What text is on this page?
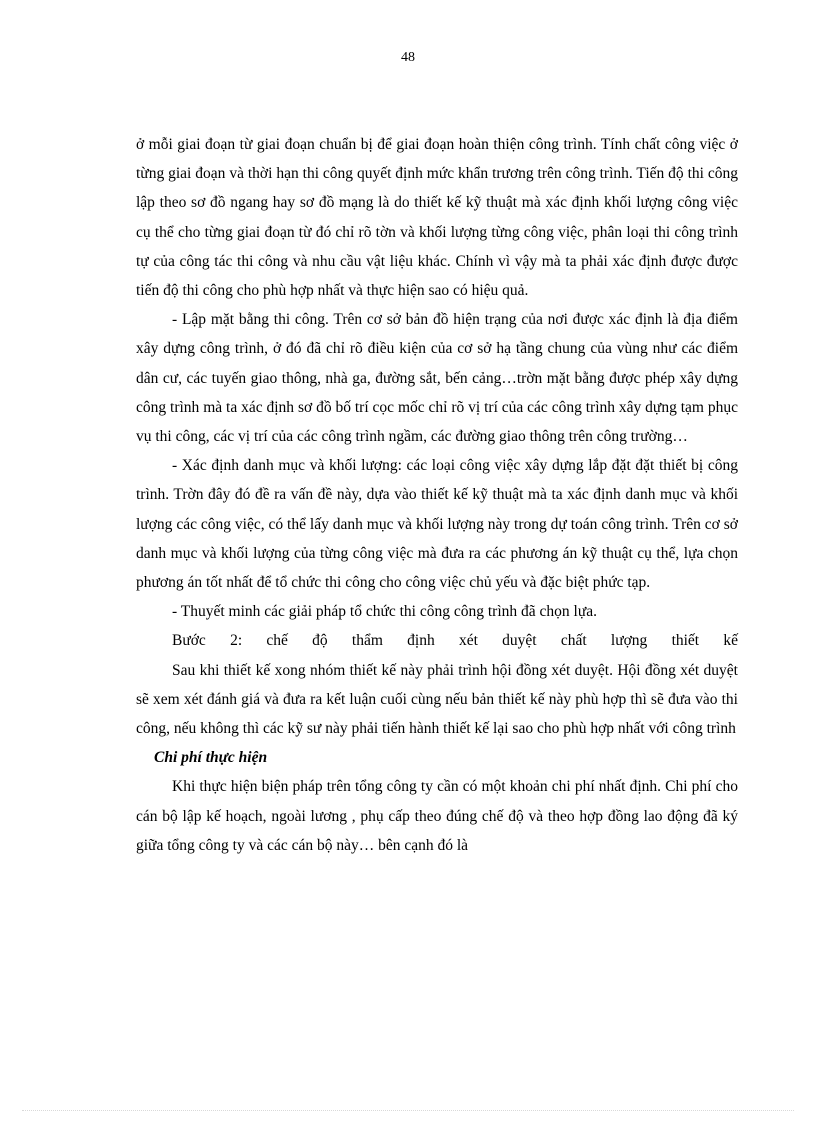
48

ở mỗi giai đoạn từ giai đoạn chuẩn bị để giai đoạn hoàn thiện công trình. Tính chất công việc ở từng giai đoạn và thời hạn thi công quyết định mức khẩn trương trên công trình. Tiến độ thi công lập theo sơ đồ ngang hay sơ đồ mạng là do thiết kế kỹ thuật mà xác định khối lượng công việc cụ thể cho từng giai đoạn từ đó chỉ rõ tờn và khối lượng từng công việc, phân loại thi công trình tự của công tác thi công và nhu cầu vật liệu khác. Chính vì vậy mà ta phải xác định được được tiến độ thi công cho phù hợp nhất và thực hiện sao có hiệu quả.

- Lập mặt bằng thi công. Trên cơ sở bản đồ hiện trạng của nơi được xác định là địa điểm xây dựng công trình, ở đó đã chỉ rõ điều kiện của cơ sở hạ tầng chung của vùng như các điểm dân cư, các tuyến giao thông, nhà ga, đường sắt, bến cảng…trờn mặt bằng được phép xây dựng công trình mà ta xác định sơ đồ bố trí cọc mốc chỉ rõ vị trí của các công trình xây dựng tạm phục vụ thi công, các vị trí của các công trình ngầm, các đường giao thông trên công trường…

- Xác định danh mục và khối lượng: các loại công việc xây dựng lắp đặt đặt thiết bị công trình. Trờn đây đó đề ra vấn đề này, dựa vào thiết kế kỹ thuật mà ta xác định danh mục và khối lượng các công việc, có thể lấy danh mục và khối lượng này trong dự toán công trình. Trên cơ sở danh mục và khối lượng của từng công việc mà đưa ra các phương án kỹ thuật cụ thể, lựa chọn phương án tốt nhất để tổ chức thi công cho công việc chủ yếu và đặc biệt phức tạp.

- Thuyết minh các giải pháp tổ chức thi công công trình đã chọn lựa.

Bước 2: chế độ thẩm định xét duyệt chất lượng thiết kế

Sau khi thiết kế xong nhóm thiết kế này phải trình hội đồng xét duyệt. Hội đồng xét duyệt sẽ xem xét đánh giá và đưa ra kết luận cuối cùng nếu bản thiết kế này phù hợp thì sẽ đưa vào thi công, nếu không thì các kỹ sư này phải tiến hành thiết kế lại sao cho phù hợp nhất với công trình

Chi phí thực hiện

Khi thực hiện biện pháp trên tổng công ty cần có một khoản chi phí nhất định. Chi phí cho cán bộ lập kế hoạch, ngoài lương , phụ cấp theo đúng chế độ và theo hợp đồng lao động đã ký giữa tổng công ty và các cán bộ này… bên cạnh đó là
